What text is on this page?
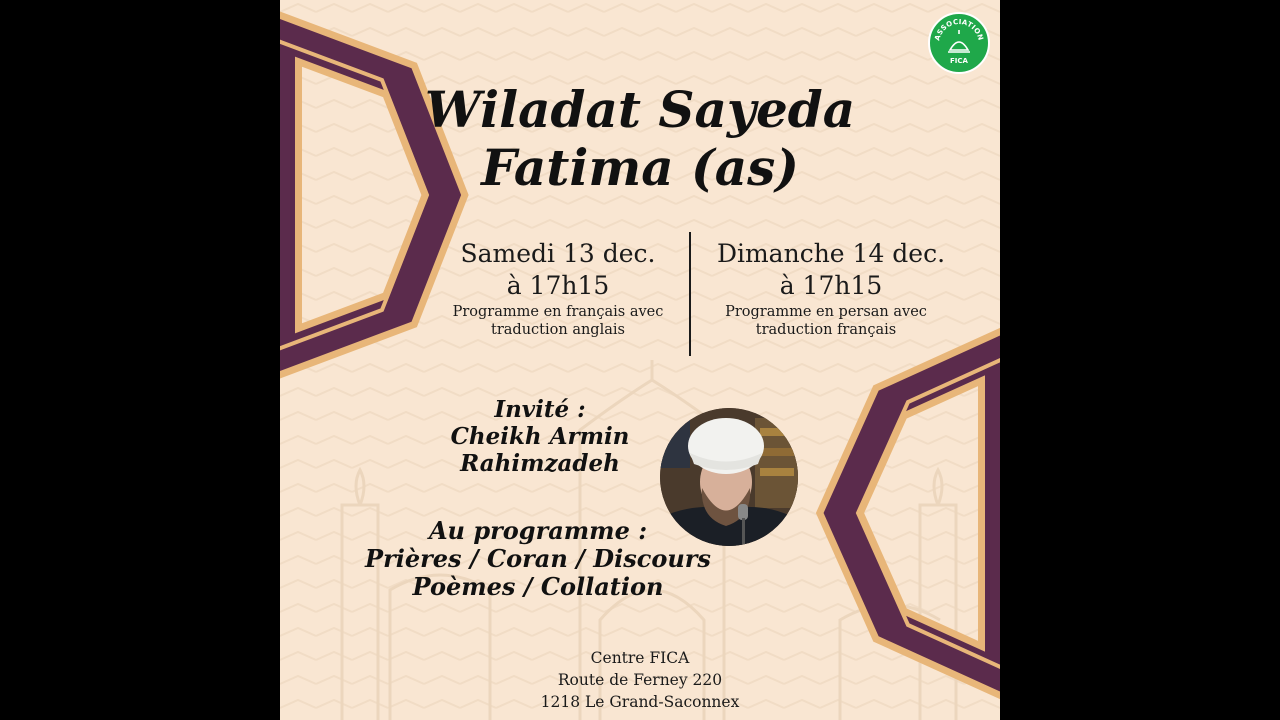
ASSOCIATION
FICA
Wiladat Sayeda
Fatima (as)
Samedi 13 dec.
à 17h15
Programme en français avec
traduction anglais
Dimanche 14 dec.
à 17h15
Programme en persan avec
traduction français
Invité :
Cheikh Armin
Rahimzadeh
Au programme :
Prières / Coran / Discours
Poèmes / Collation
Centre FICA
Route de Ferney 220
1218 Le Grand-Saconnex
